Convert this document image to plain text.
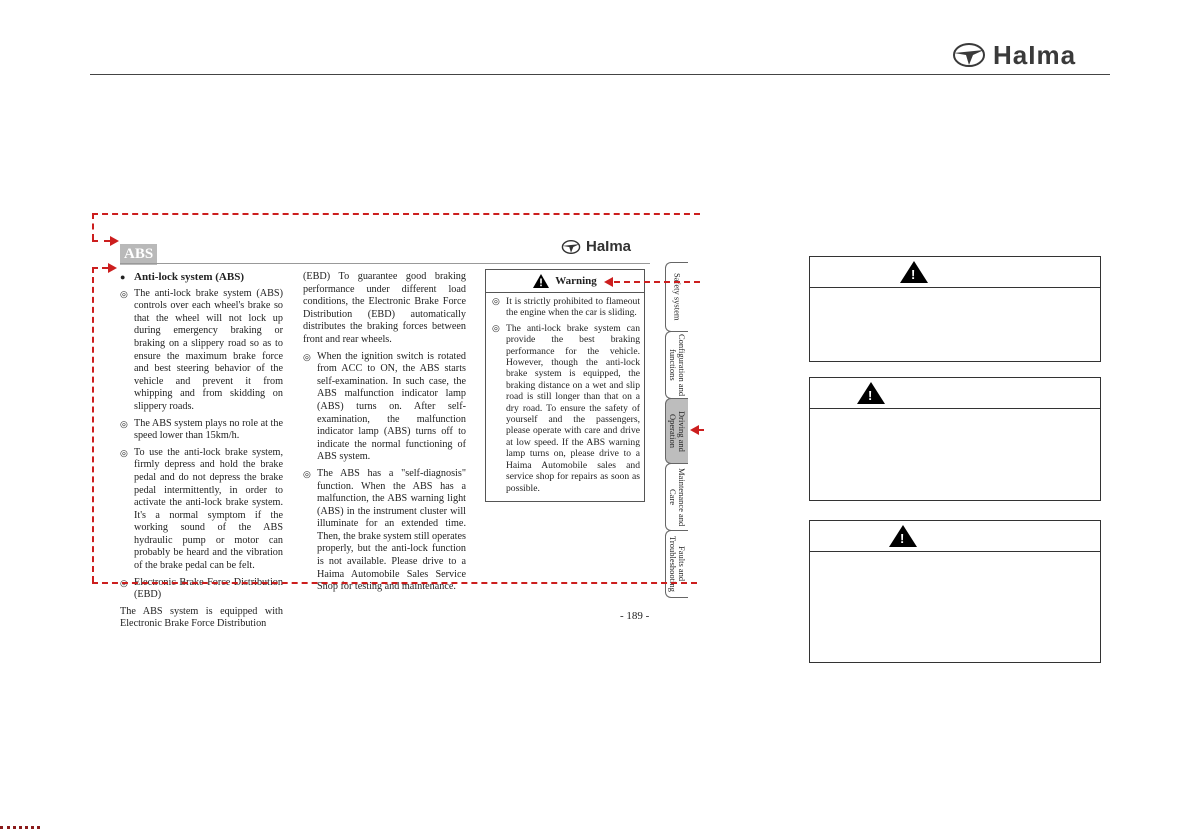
HaIma
ABS	HaIma

● Anti-lock system (ABS)

◎ The anti-lock brake system (ABS) controls over each wheel's brake so that the wheel will not lock up during emergency braking or braking on a slippery road so as to ensure the maximum brake force and best steering behavior of the vehicle and prevent it from whipping and from skidding on slippery roads.

◎ The ABS system plays no role at the speed lower than 15km/h.

◎ To use the anti-lock brake system, firmly depress and hold the brake pedal and do not depress the brake pedal intermittently, in order to activate the anti-lock brake system. It's a normal symptom if the working sound of the ABS hydraulic pump or motor can probably be heard and the vibration of the brake pedal can be felt.

◎ Electronic Brake Force Distribution (EBD)

The ABS system is equipped with Electronic Brake Force Distribution

(EBD) To guarantee good braking performance under different load conditions, the Electronic Brake Force Distribution (EBD) automatically distributes the braking forces between front and rear wheels.

◎ When the ignition switch is rotated from ACC to ON, the ABS starts self-examination. In such case, the ABS malfunction indicator lamp (ABS) turns on. After self-examination, the malfunction indicator lamp (ABS) turns off to indicate the normal functioning of ABS system.

◎ The ABS has a "self-diagnosis" function. When the ABS has a malfunction, the ABS warning light (ABS) in the instrument cluster will illuminate for an extended time. Then, the brake system still operates properly, but the anti-lock function is not available. Please drive to a Haima Automobile Sales Service Shop for testing and maintenance.

Warning

◎ It is strictly prohibited to flameout the engine when the car is sliding.

◎ The anti-lock brake system can provide the best braking performance for the vehicle. However, though the anti-lock brake system is equipped, the braking distance on a wet and slip road is still longer than that on a dry road. To ensure the safety of yourself and the passengers, please operate with care and drive at low speed. If the ABS warning lamp turns on, please drive to a Haima Automobile sales and service shop for repairs as soon as possible.

- 189 -
Safety system
Configuration and functions
Driving and Operation
Maintenance and Care
Faults and Troubleshooting
!
!
!
